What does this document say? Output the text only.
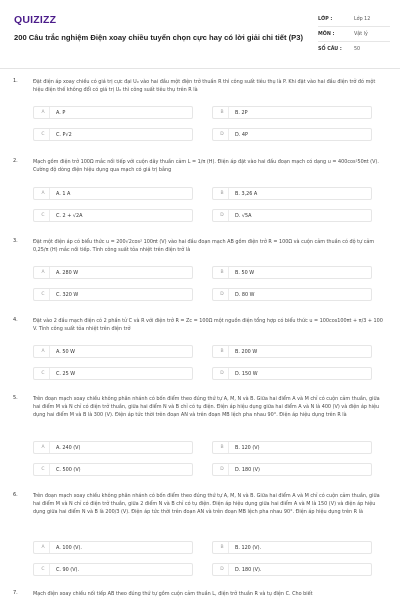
QUIZIZZ
200 Câu trắc nghiệm Điện xoay chiều tuyển chọn cực hay có lời giải chi tiết (P3)
LỚP :	Lớp 12
MÔN :	Vật lý
SỐ CÂU :	50
1.	Đặt điện áp xoay chiều có giá trị cực đại U₀ vào hai đầu một điện trở thuần R thì công suất tiêu thụ là P. Khi đặt vào hai đầu điện trở đó một hiệu điện thế không đổi có giá trị U₀ thì công suất tiêu thụ trên R là
A	A. P	B	B. 2P
C	C. P√2	D	D. 4P
2.	Mạch gồm điện trở 100Ω mắc nối tiếp với cuộn dây thuần cảm L = 1/π (H). Điện áp đặt vào hai đầu đoạn mạch có dạng u = 400cos²50πt (V). Cường độ dòng điện hiệu dụng qua mạch có giá trị bằng
A	A. 1 A	B	B. 3,26 A
C	C. 2 + √2A	D	D. √5A
3.	Đặt một điện áp có biểu thức u = 200√2cos² 100πt (V) vào hai đầu đoạn mạch AB gồm điện trở R = 100Ω và cuộn cảm thuần có độ tự cảm 0,25/π (H) mắc nối tiếp. Tính công suất tỏa nhiệt trên điện trở là
A	A. 280 W	B	B. 50 W
C	C. 320 W	D	D. 80 W
4.	Đặt vào 2 đầu mạch điện có 2 phần tử C và R với điện trở R = Zc = 100Ω một nguồn điện tổng hợp có biểu thức u = 100cos100πt + π/3 + 100 V. Tính công suất tỏa nhiệt trên điện trở
A	A. 50 W	B	B. 200 W
C	C. 25 W	D	D. 150 W
5.	Trên đoạn mạch xoay chiều không phân nhánh có bốn điểm theo đúng thứ tự A, M, N và B. Giữa hai điểm A và M chỉ có cuộn cảm thuần, giữa hai điểm M và N chỉ có điện trở thuần, giữa hai điểm N và B chỉ có tụ điện. Điện áp hiệu dụng giữa hai điểm A và N là 400 (V) và điện áp hiệu dụng hai điểm M và B là 300 (V). Điện áp tức thời trên đoạn AN và trên đoạn MB lệch pha nhau 90°. Điện áp hiệu dụng trên R là
A	A. 240 (V)	B	B. 120 (V)
C	C. 500 (V)	D	D. 180 (V)
6.	Trên đoạn mạch xoay chiều không phân nhánh có bốn điểm theo đúng thứ tự A, M, N và B. Giữa hai điểm A và M chỉ có cuộn cảm thuần, giữa hai điểm M và N chỉ có điện trở thuần, giữa 2 điểm N và B chỉ có tụ điện. Điện áp hiệu dụng giữa hai điểm A và M là 150 (V) và điện áp hiệu dụng giữa hai điểm N và B là 200/3 (V). Điện áp tức thời trên đoạn AN và trên đoạn MB lệch pha nhau 90°. Điện áp hiệu dụng trên R là
A	A. 100 (V).	B	B. 120 (V).
C	C. 90 (V).	D	D. 180 (V).
7.	Mạch điện xoay chiều nối tiếp AB theo đúng thứ tự gồm cuộn cảm thuần L, điện trở thuần R và tụ điện C. Cho biết
